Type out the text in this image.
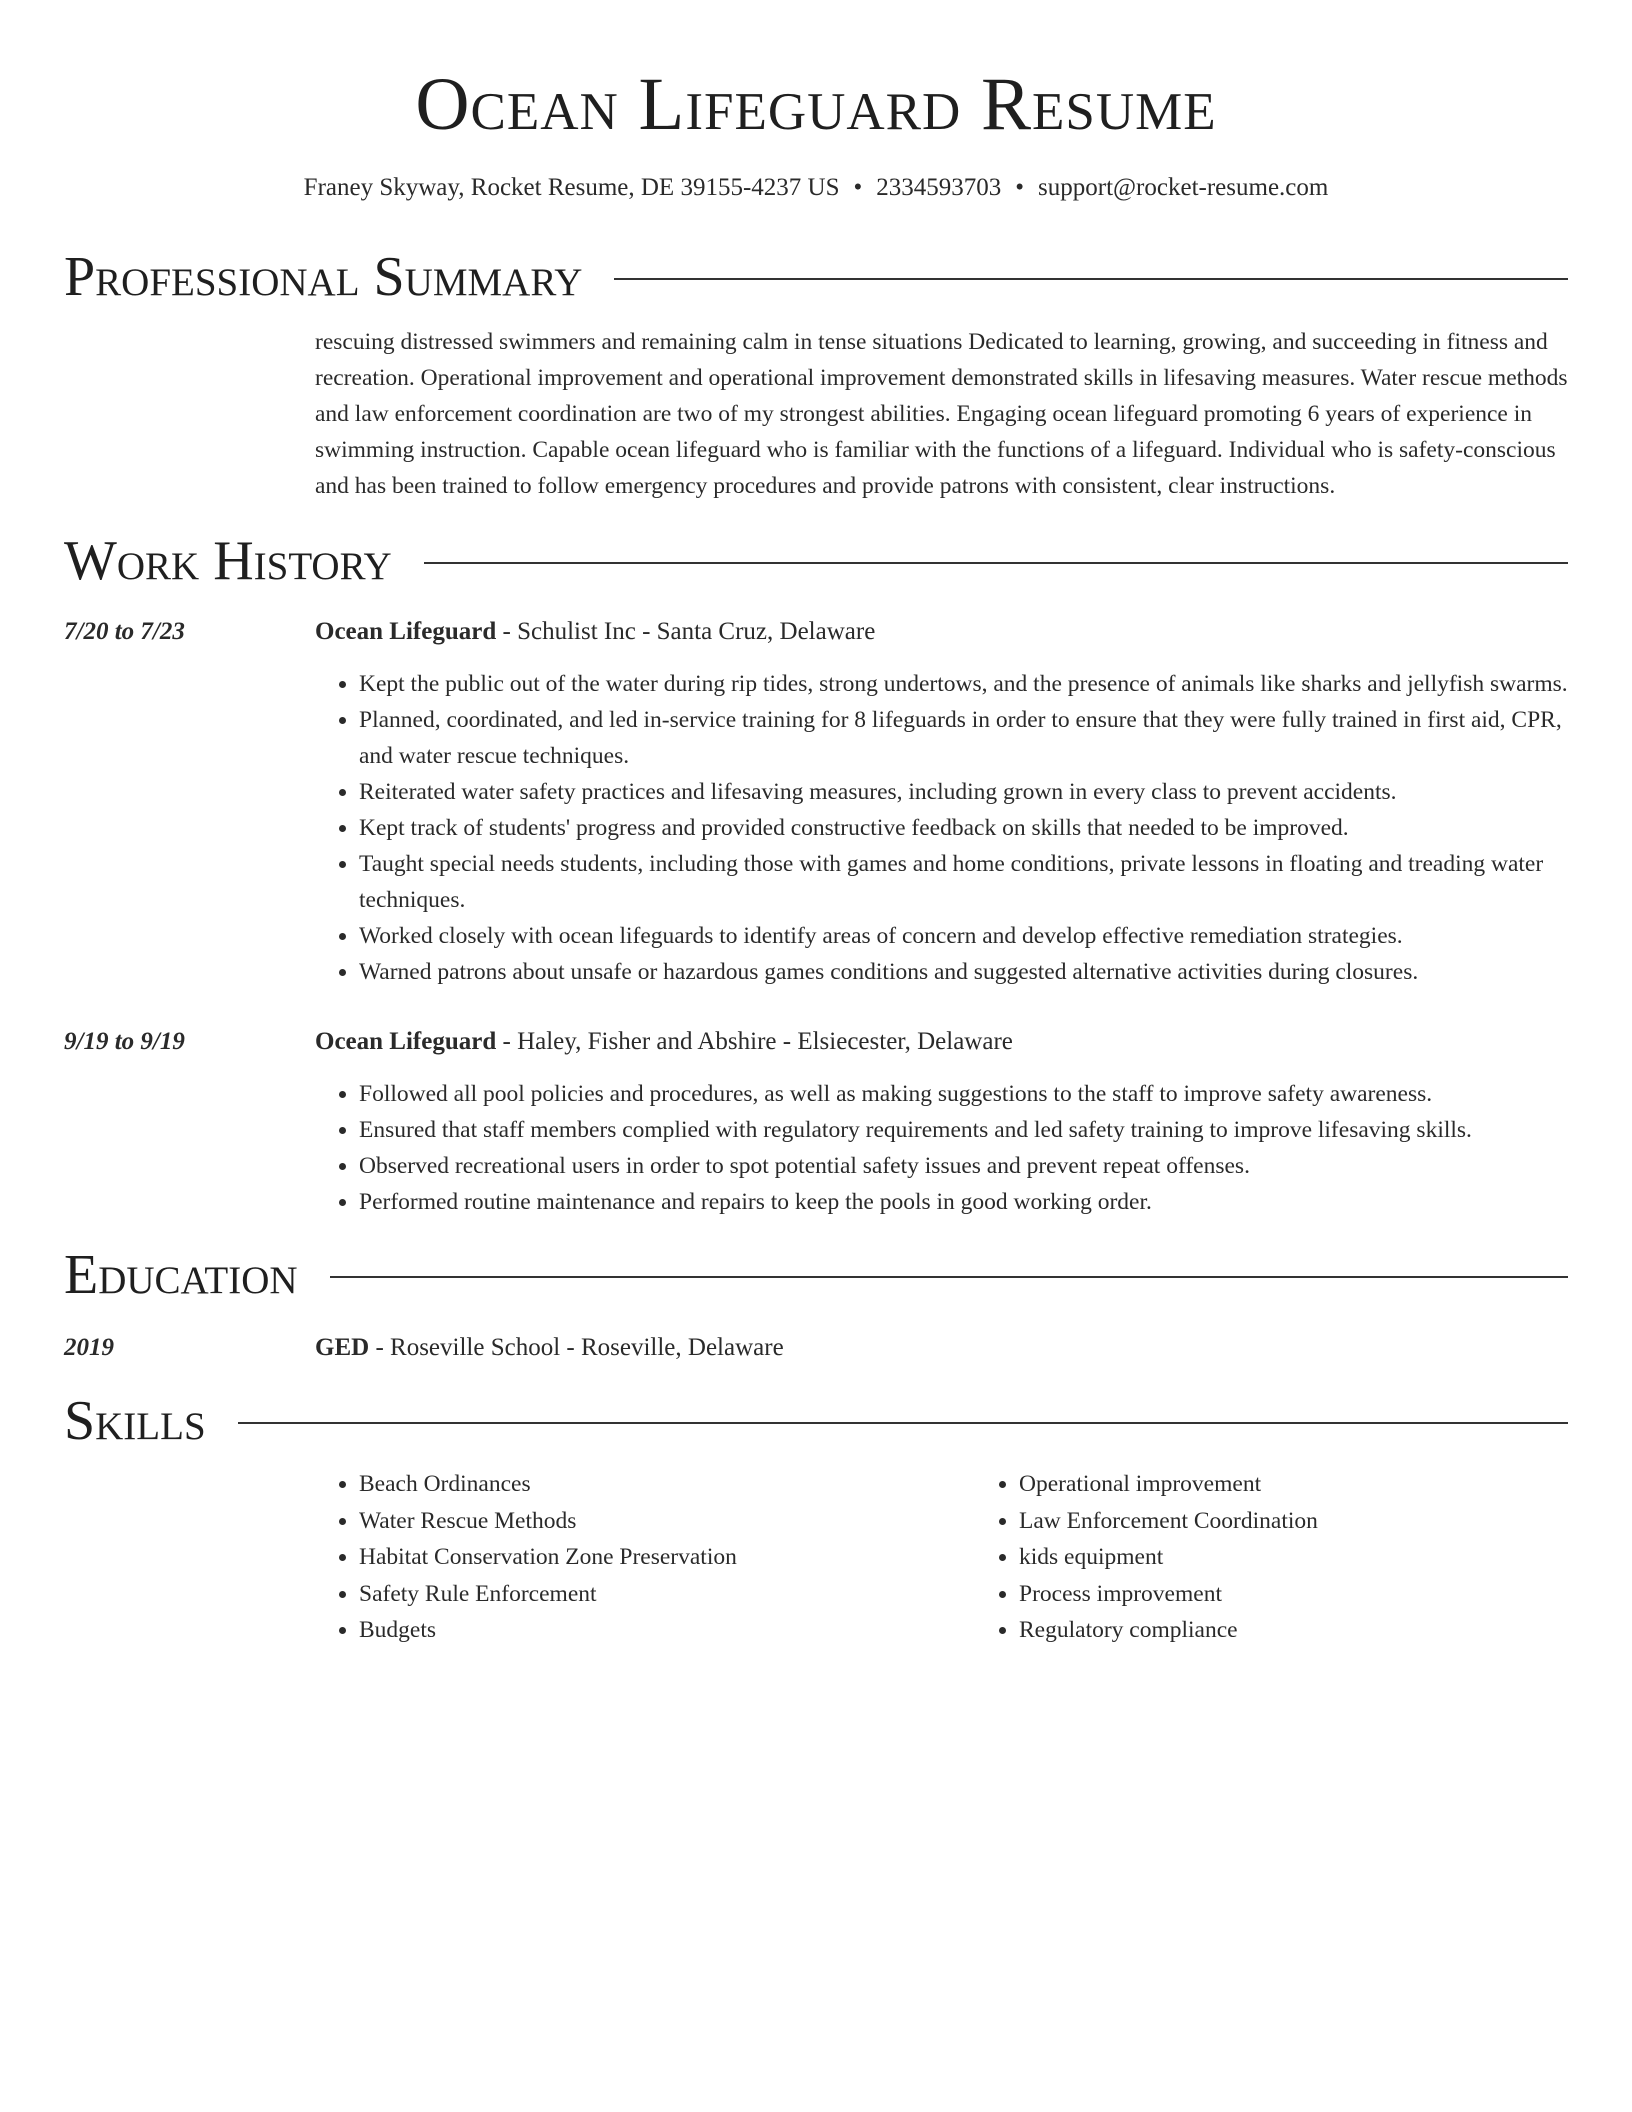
Ocean Lifeguard Resume
Franey Skyway, Rocket Resume, DE 39155-4237 US • 2334593703 • support@rocket-resume.com
Professional Summary
rescuing distressed swimmers and remaining calm in tense situations Dedicated to learning, growing, and succeeding in fitness and recreation. Operational improvement and operational improvement demonstrated skills in lifesaving measures. Water rescue methods and law enforcement coordination are two of my strongest abilities. Engaging ocean lifeguard promoting 6 years of experience in swimming instruction. Capable ocean lifeguard who is familiar with the functions of a lifeguard. Individual who is safety-conscious and has been trained to follow emergency procedures and provide patrons with consistent, clear instructions.
Work History
7/20 to 7/23	Ocean Lifeguard - Schulist Inc - Santa Cruz, Delaware
• Kept the public out of the water during rip tides, strong undertows, and the presence of animals like sharks and jellyfish swarms.
• Planned, coordinated, and led in-service training for 8 lifeguards in order to ensure that they were fully trained in first aid, CPR, and water rescue techniques.
• Reiterated water safety practices and lifesaving measures, including grown in every class to prevent accidents.
• Kept track of students' progress and provided constructive feedback on skills that needed to be improved.
• Taught special needs students, including those with games and home conditions, private lessons in floating and treading water techniques.
• Worked closely with ocean lifeguards to identify areas of concern and develop effective remediation strategies.
• Warned patrons about unsafe or hazardous games conditions and suggested alternative activities during closures.
9/19 to 9/19	Ocean Lifeguard - Haley, Fisher and Abshire - Elsiecester, Delaware
• Followed all pool policies and procedures, as well as making suggestions to the staff to improve safety awareness.
• Ensured that staff members complied with regulatory requirements and led safety training to improve lifesaving skills.
• Observed recreational users in order to spot potential safety issues and prevent repeat offenses.
• Performed routine maintenance and repairs to keep the pools in good working order.
Education
2019	GED - Roseville School - Roseville, Delaware
Skills
• Beach Ordinances
• Water Rescue Methods
• Habitat Conservation Zone Preservation
• Safety Rule Enforcement
• Budgets
• Operational improvement
• Law Enforcement Coordination
• kids equipment
• Process improvement
• Regulatory compliance
